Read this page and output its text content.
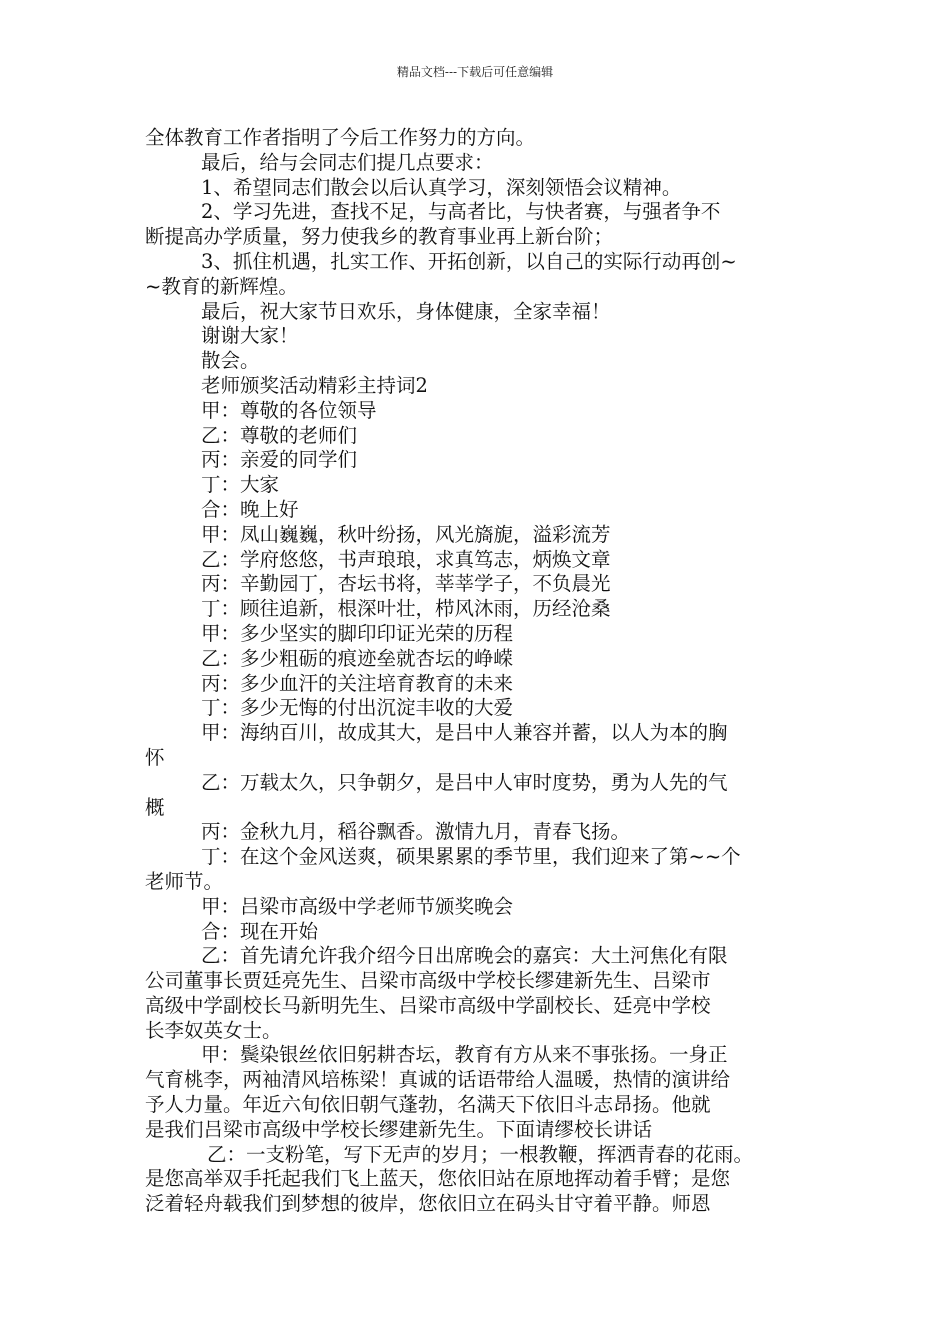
精品文档---下载后可任意编辑
全体教育工作者指明了今后工作努力的方向。
最后，给与会同志们提几点要求：
1、希望同志们散会以后认真学习，深刻领悟会议精神。
2、学习先进，查找不足，与高者比，与快者赛，与强者争不
断提高办学质量，努力使我乡的教育事业再上新台阶；
3、抓住机遇，扎实工作、开拓创新，以自己的实际行动再创~
~教育的新辉煌。
最后，祝大家节日欢乐，身体健康，全家幸福！
谢谢大家！
散会。
老师颁奖活动精彩主持词2
甲：尊敬的各位领导
乙：尊敬的老师们
丙：亲爱的同学们
丁：大家
合：晚上好
甲：凤山巍巍，秋叶纷扬，风光旖旎，溢彩流芳
乙：学府悠悠，书声琅琅，求真笃志，炳焕文章
丙：辛勤园丁，杏坛书将，莘莘学子，不负晨光
丁：顾往追新，根深叶壮，栉风沐雨，历经沧桑
甲：多少坚实的脚印印证光荣的历程
乙：多少粗砺的痕迹垒就杏坛的峥嵘
丙：多少血汗的关注培育教育的未来
丁：多少无悔的付出沉淀丰收的大爱
甲：海纳百川，故成其大，是吕中人兼容并蓄，以人为本的胸
怀
乙：万载太久，只争朝夕，是吕中人审时度势，勇为人先的气
概
丙：金秋九月，稻谷飘香。激情九月，青春飞扬。
丁：在这个金风送爽，硕果累累的季节里，我们迎来了第~~个
老师节。
甲：吕梁市高级中学老师节颁奖晚会
合：现在开始
乙：首先请允许我介绍今日出席晚会的嘉宾：大土河焦化有限
公司董事长贾廷亮先生、吕梁市高级中学校长缪建新先生、吕梁市
高级中学副校长马新明先生、吕梁市高级中学副校长、廷亮中学校
长李奴英女士。
甲：鬓染银丝依旧躬耕杏坛，教育有方从来不事张扬。一身正
气育桃李，两袖清风培栋梁！真诚的话语带给人温暖，热情的演讲给
予人力量。年近六旬依旧朝气蓬勃，名满天下依旧斗志昂扬。他就
是我们吕梁市高级中学校长缪建新先生。下面请缪校长讲话
乙：一支粉笔，写下无声的岁月；一根教鞭，挥洒青春的花雨。
是您高举双手托起我们飞上蓝天，您依旧站在原地挥动着手臂；是您
泛着轻舟载我们到梦想的彼岸，您依旧立在码头甘守着平静。师恩
